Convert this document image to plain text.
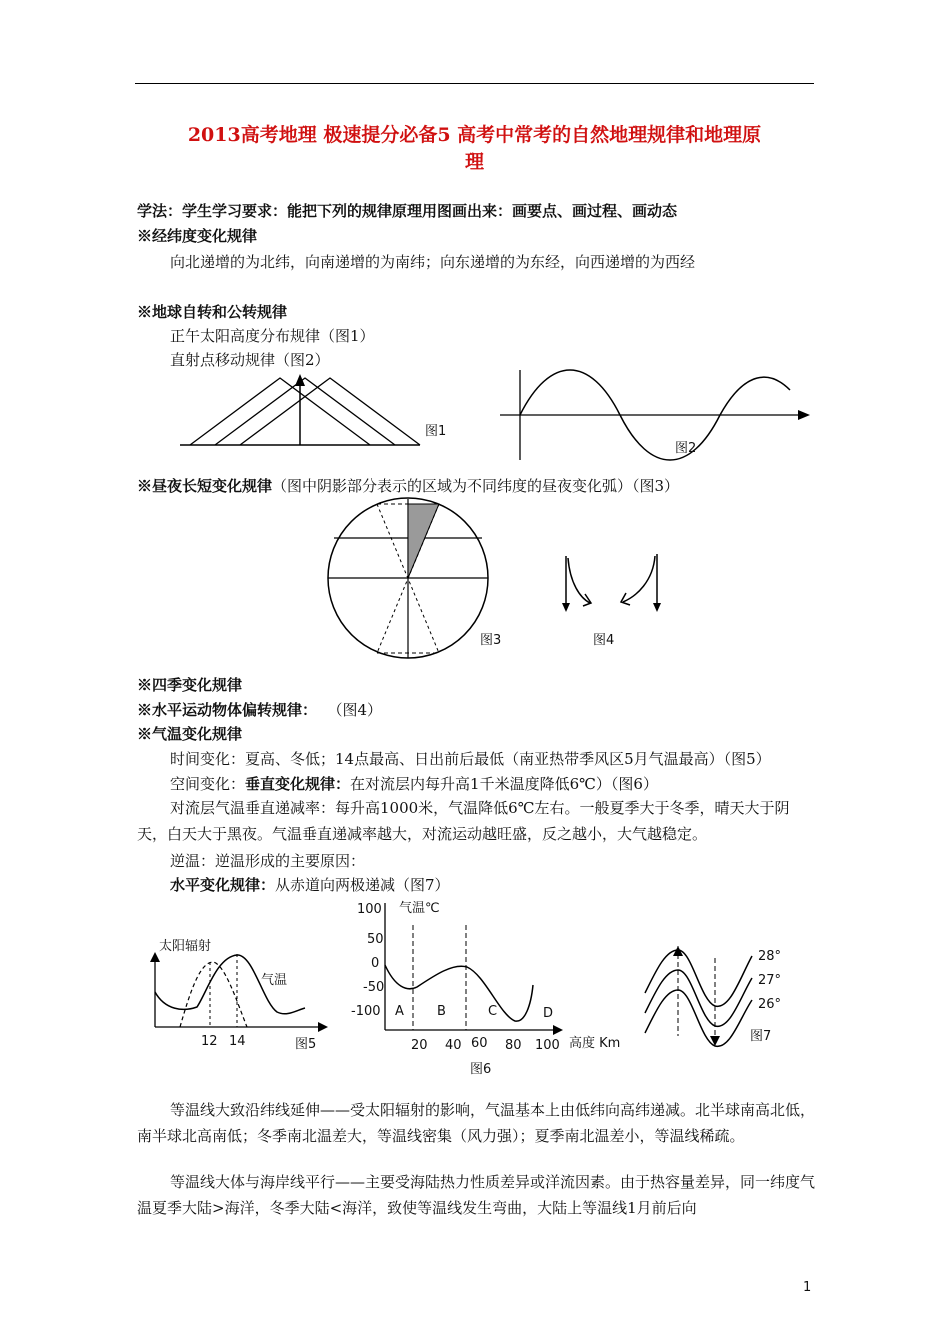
2013高考地理 极速提分必备5 高考中常考的自然地理规律和地理原
理
学法：学生学习要求：能把下列的规律原理用图画出来：画要点、画过程、画动态
※经纬度变化规律
向北递增的为北纬，向南递增的为南纬；向东递增的为东经，向西递增的为西经
※地球自转和公转规律
正午太阳高度分布规律（图1）
直射点移动规律（图2）
图1
图2
※昼夜长短变化规律（图中阴影部分表示的区域为不同纬度的昼夜变化弧）（图3）
图3	图4
※四季变化规律
※水平运动物体偏转规律： （图4）
※气温变化规律
时间变化：夏高、冬低；14点最高、日出前后最低（南亚热带季风区5月气温最高）（图5）
空间变化：垂直变化规律：在对流层内每升高1千米温度降低6℃）（图6）
对流层气温垂直递减率：每升高1000米，气温降低6℃左右。一般夏季大于冬季，晴天大于阴天，白天大于黑夜。气温垂直递减率越大，对流运动越旺盛，反之越小，大气越稳定。
逆温：逆温形成的主要原因：
水平变化规律：从赤道向两极递减（图7）
太阳辐射
气温
12 14	图5
100 气温℃
50
0
-50
-100 A	B	C	D
20 40 60 80 100 高度 Km
图6
28°
27°
26°
图7
等温线大致沿纬线延伸——受太阳辐射的影响，气温基本上由低纬向高纬递减。北半球南高北低，南半球北高南低；冬季南北温差大，等温线密集（风力强）；夏季南北温差小，等温线稀疏。
等温线大体与海岸线平行——主要受海陆热力性质差异或洋流因素。由于热容量差异，同一纬度气温夏季大陆>海洋，冬季大陆<海洋，致使等温线发生弯曲，大陆上等温线1月前后向
1
